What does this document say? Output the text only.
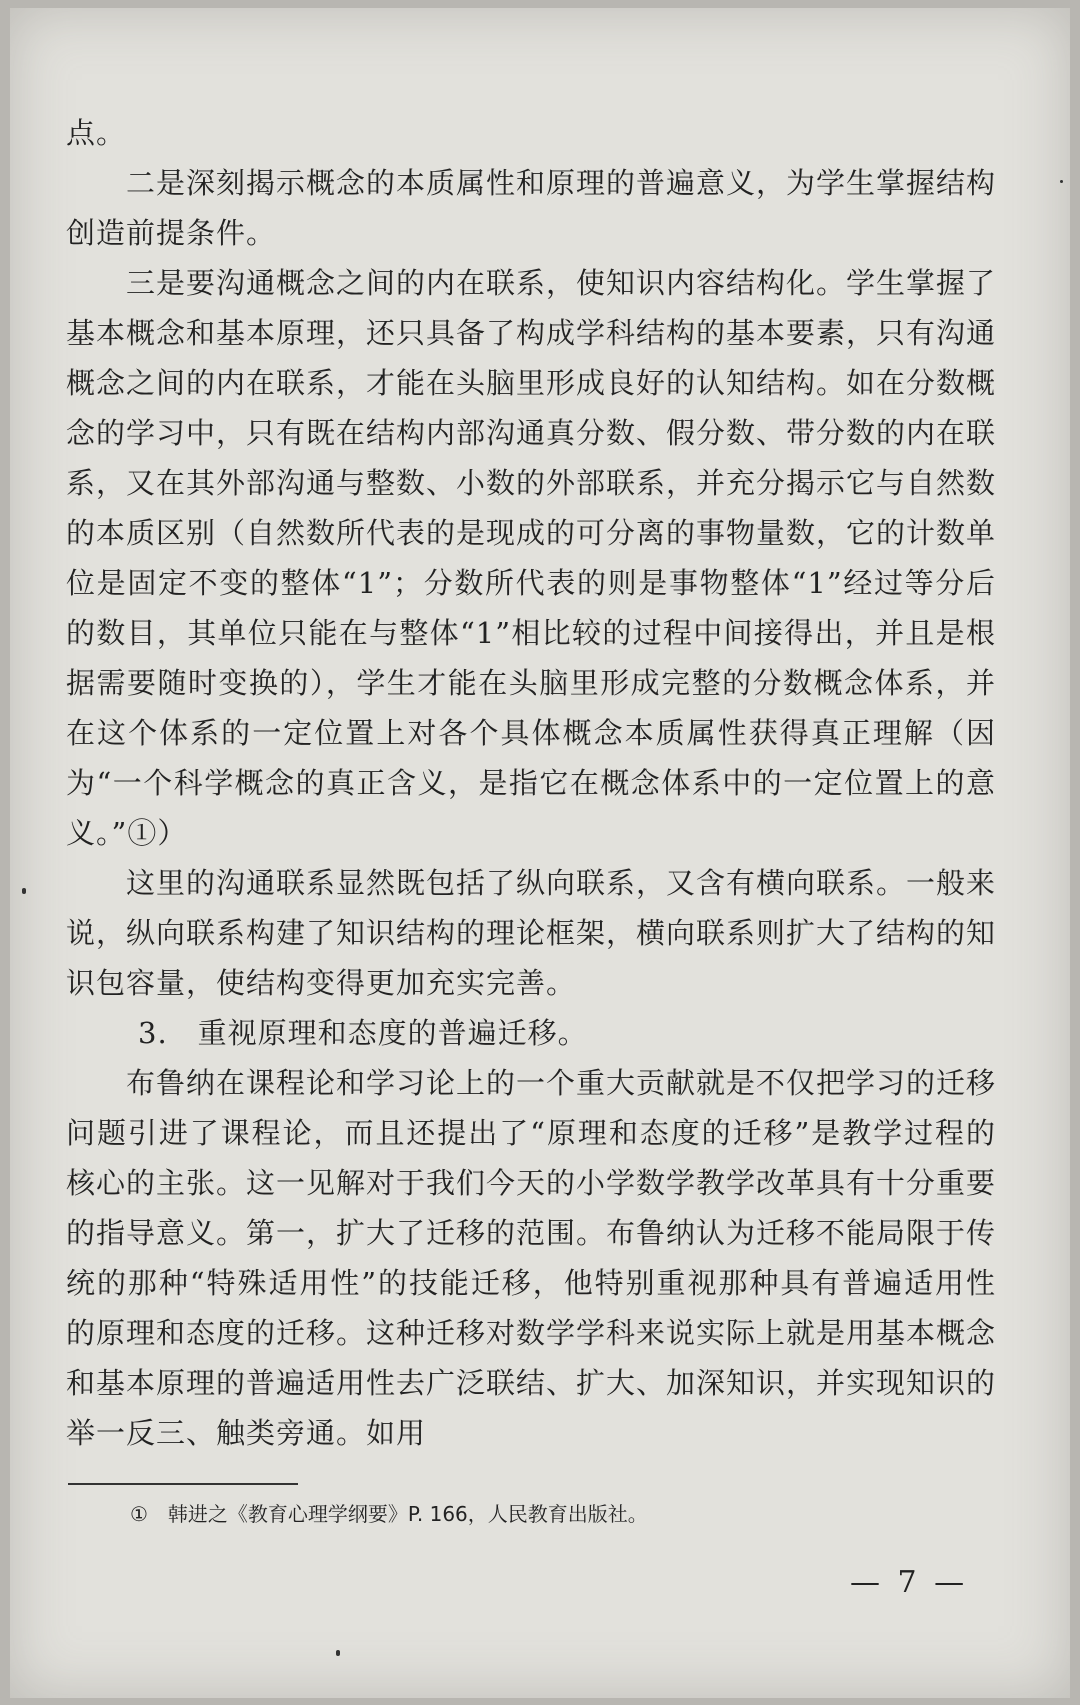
点。

二是深刻揭示概念的本质属性和原理的普遍意义，为学生掌握结构创造前提条件。

三是要沟通概念之间的内在联系，使知识内容结构化。学生掌握了基本概念和基本原理，还只具备了构成学科结构的基本要素，只有沟通概念之间的内在联系，才能在头脑里形成良好的认知结构。如在分数概念的学习中，只有既在结构内部沟通真分数、假分数、带分数的内在联系，又在其外部沟通与整数、小数的外部联系，并充分揭示它与自然数的本质区别（自然数所代表的是现成的可分离的事物量数，它的计数单位是固定不变的整体“1”；分数所代表的则是事物整体“1”经过等分后的数目，其单位只能在与整体“1”相比较的过程中间接得出，并且是根据需要随时变换的），学生才能在头脑里形成完整的分数概念体系，并在这个体系的一定位置上对各个具体概念本质属性获得真正理解（因为“一个科学概念的真正含义，是指它在概念体系中的一定位置上的意义。”①）

这里的沟通联系显然既包括了纵向联系，又含有横向联系。一般来说，纵向联系构建了知识结构的理论框架，横向联系则扩大了结构的知识包容量，使结构变得更加充实完善。

3.　重视原理和态度的普遍迁移。

布鲁纳在课程论和学习论上的一个重大贡献就是不仅把学习的迁移问题引进了课程论，而且还提出了“原理和态度的迁移”是教学过程的核心的主张。这一见解对于我们今天的小学数学教学改革具有十分重要的指导意义。第一，扩大了迁移的范围。布鲁纳认为迁移不能局限于传统的那种“特殊适用性”的技能迁移，他特别重视那种具有普遍适用性的原理和态度的迁移。这种迁移对数学学科来说实际上就是用基本概念和基本原理的普遍适用性去广泛联结、扩大、加深知识，并实现知识的举一反三、触类旁通。如用

①　韩进之《教育心理学纲要》P. 166，人民教育出版社。
— 7 —
